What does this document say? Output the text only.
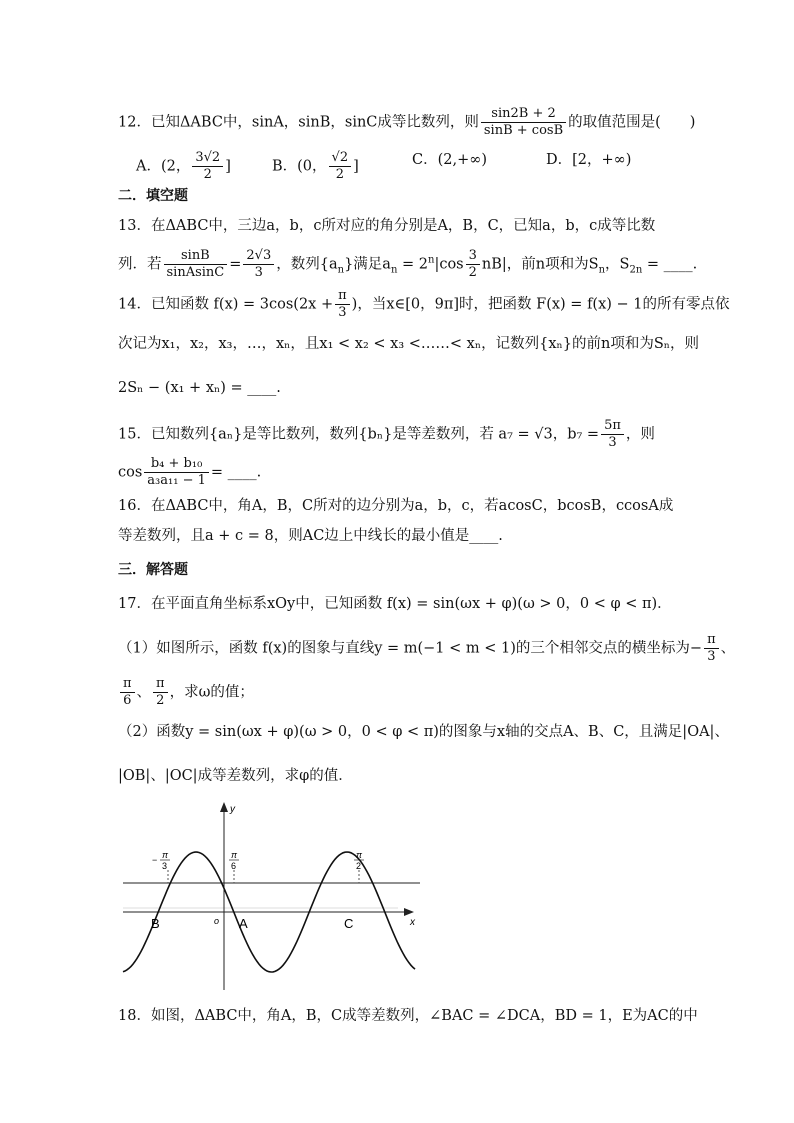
12．已知ΔABC中，sinA，sinB，sinC成等比数列，则 $\frac{\sin 2B + 2}{\sin B + \cos B}$ 的取值范围是(　　)
A．(2， $\frac{3√2}{2}$ ]	B．(0， $\frac{√2}{2}$ ]	C．(2,+∞)	D．[2，+∞)
二．填空题
13．在ΔABC中，三边a，b，c所对应的角分别是A，B，C，已知a，b，c成等比数
列．若 $\frac{\sin B}{\text{sinAsinC}} = \frac{2√3}{3}$ ，数列$\{a_n\}$满足$a_n = 2^n|\cos \frac{3}{2} nB|$，前n项和为$S_n$，$S_{2n}$ = ____.
14．已知函数 $f(x) = 3\cos(2x + \frac{\pi}{3}$ )，当x∈[0，9π]时，把函数 F(x) = f(x) − 1的所有零点依
次记为x₁，x₂，x₃，…，xₙ，且x₁ < x₂ < x₃ <……< xₙ，记数列{xₙ}的前n项和为Sₙ，则
2Sₙ − (x₁ + xₙ) = ____.
15．已知数列{aₙ}是等比数列，数列{bₙ}是等差数列，若 a₇ = √3，$b_7 = \frac{5\pi}{3}$ ，则
$\cos \frac{\text{b₄ + b₁₀}}{\text{a₃a₁₁ − 1}}$ = ____.
16．在ΔABC中，角A，B，C所对的边分别为a，b，c，若acosC，bcosB，ccosA成
等差数列，且a + c = 8，则AC边上中线长的最小值是____.
三．解答题
17．在平面直角坐标系xOy中，已知函数 f(x) = sin(ωx + φ)(ω > 0，0 < φ < π)．
（1）如图所示，函数 f(x)的图象与直线y = m(−1 < m < 1)的三个相邻交点的横坐标为− $\frac{\pi}{3}$ 、
$\frac{\pi}{6}$ 、 $\frac{\pi}{2}$ ，求ω的值；
（2）函数y = sin(ωx + φ)(ω > 0，0 < φ < π)的图象与x轴的交点A、B、C，且满足|OA|、
|OB|、|OC|成等差数列，求φ的值．
π
3
−	π
6
π
2
y
x
o
B	A	C
18．如图，ΔABC中，角A，B，C成等差数列，∠BAC = ∠DCA，BD = 1，E为AC的中
